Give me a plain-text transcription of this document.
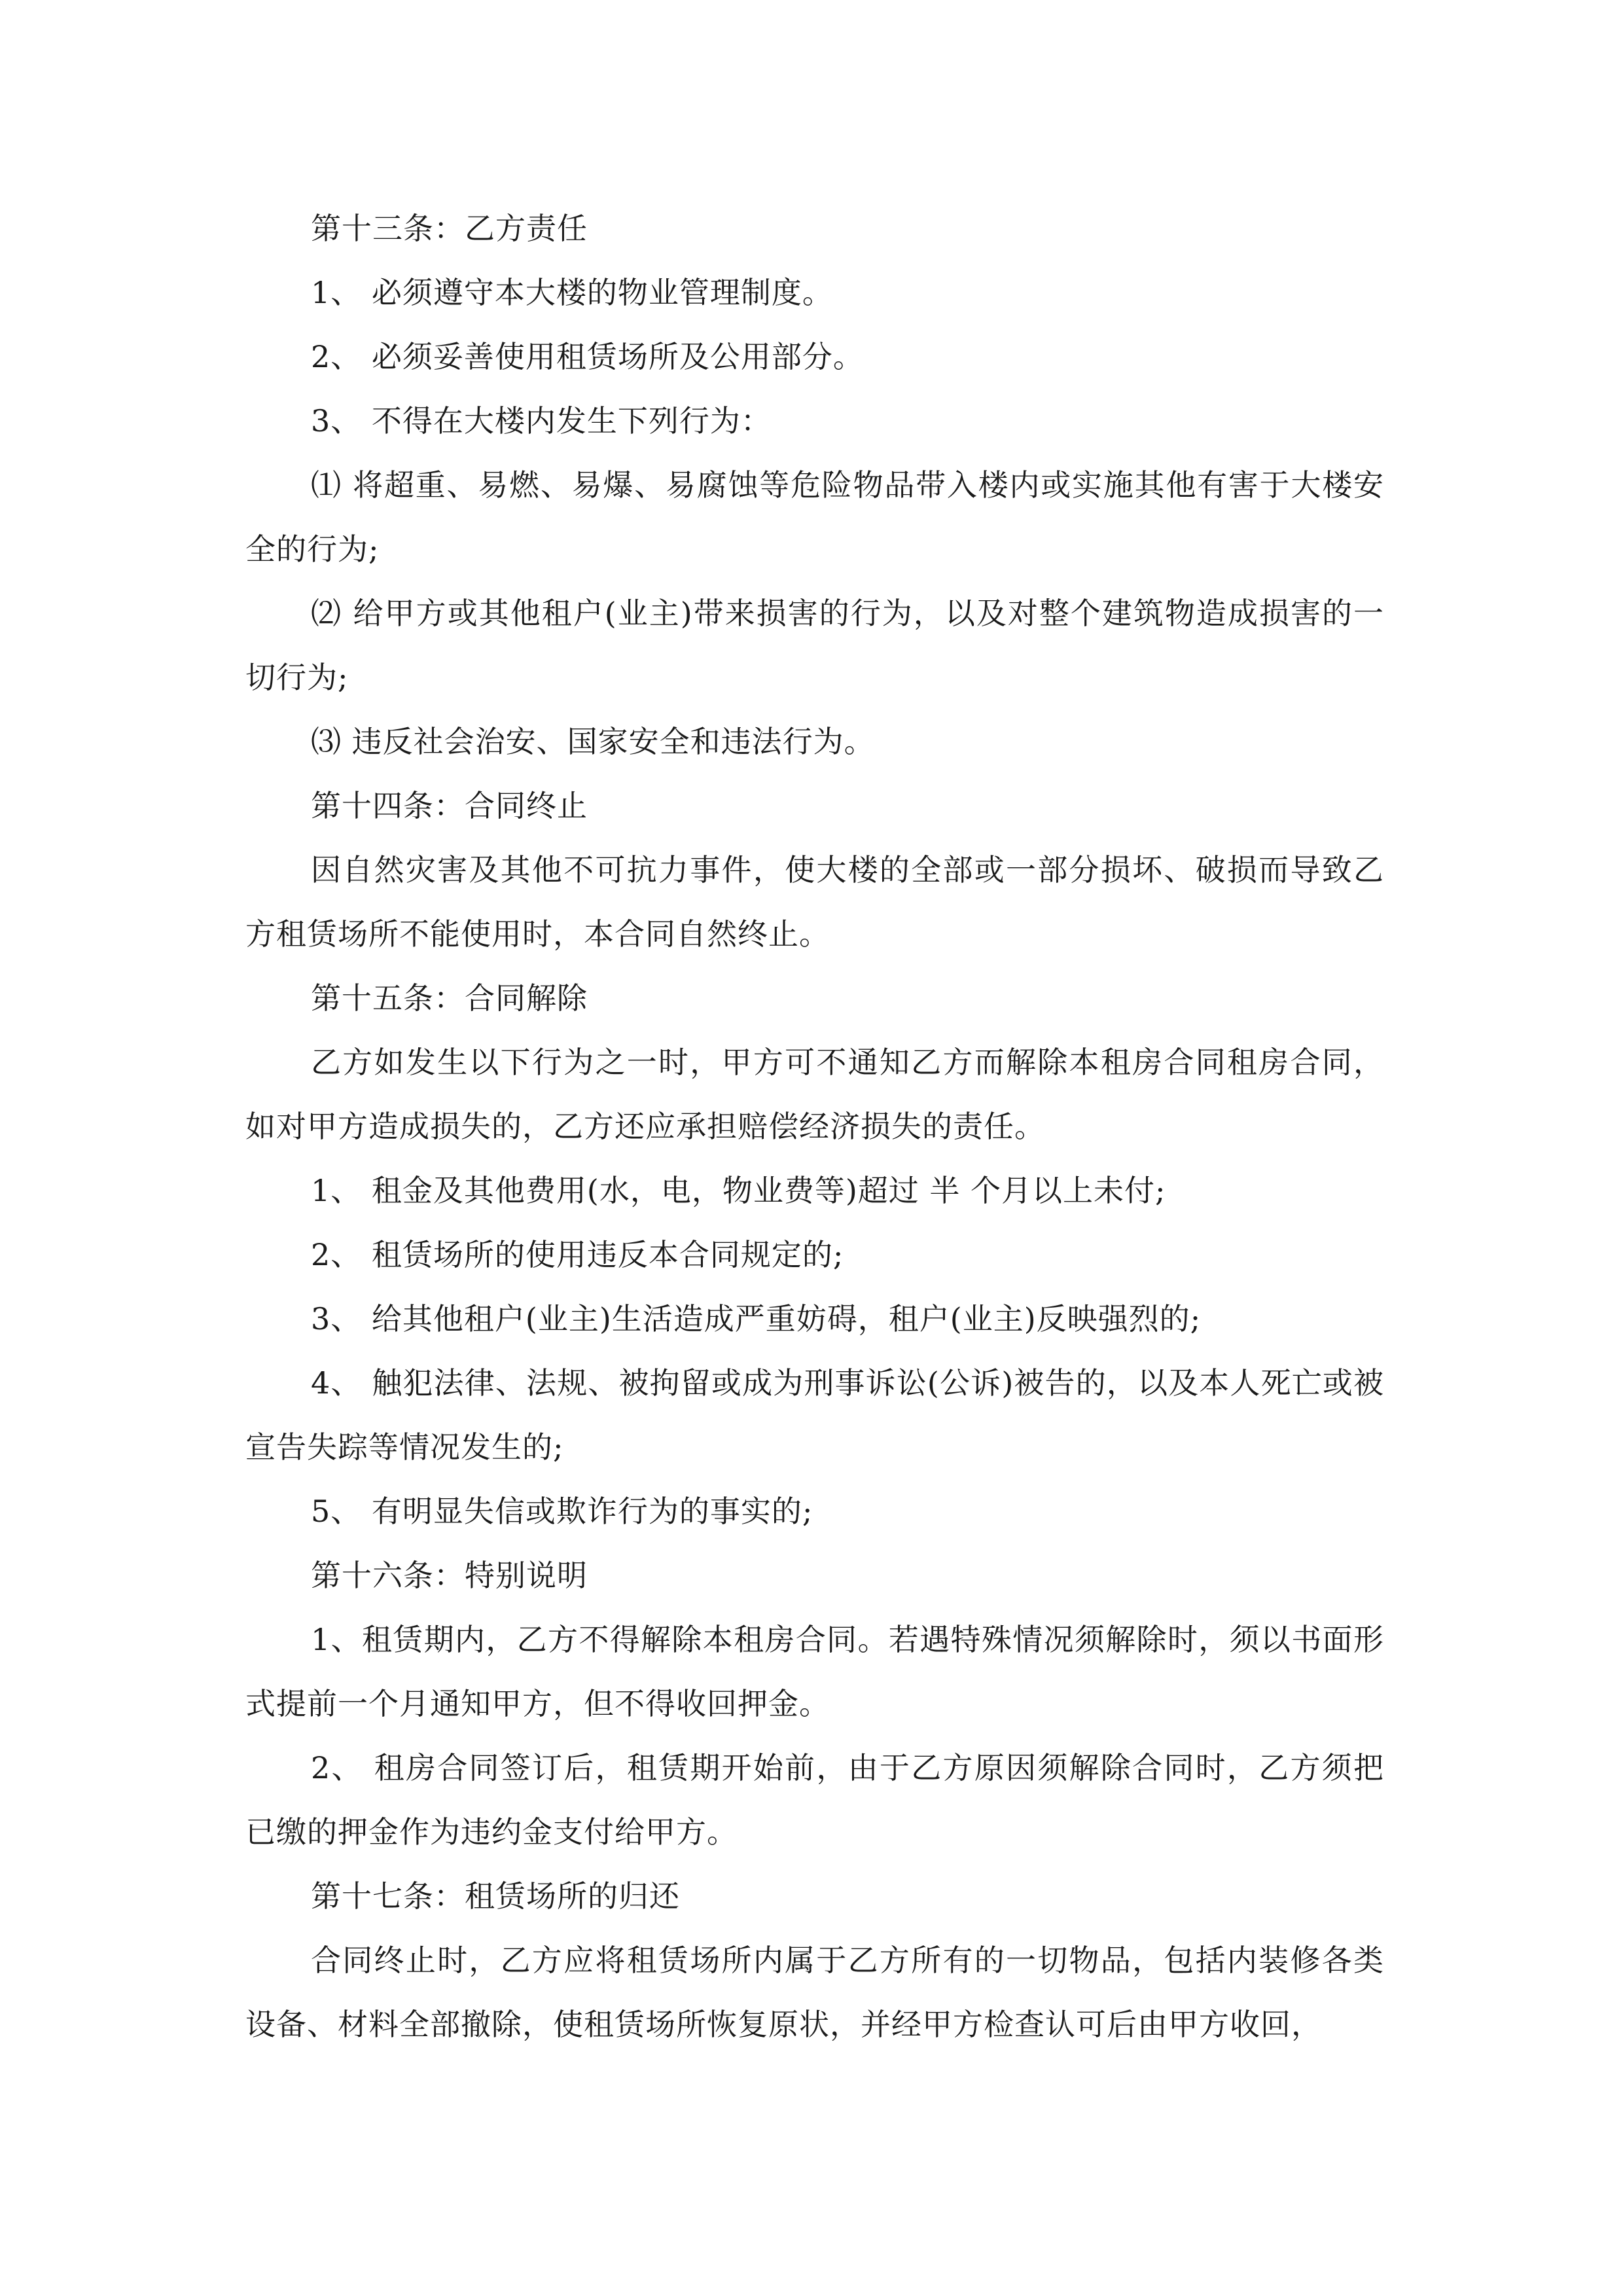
第十三条：乙方责任

1、 必须遵守本大楼的物业管理制度。

2、 必须妥善使用租赁场所及公用部分。

3、 不得在大楼内发生下列行为：

⑴ 将超重、易燃、易爆、易腐蚀等危险物品带入楼内或实施其他有害于大楼安全的行为;

⑵ 给甲方或其他租户(业主)带来损害的行为，以及对整个建筑物造成损害的一切行为;

⑶ 违反社会治安、国家安全和违法行为。

第十四条：合同终止

因自然灾害及其他不可抗力事件，使大楼的全部或一部分损坏、破损而导致乙方租赁场所不能使用时，本合同自然终止。

第十五条：合同解除

乙方如发生以下行为之一时，甲方可不通知乙方而解除本租房合同租房合同，如对甲方造成损失的，乙方还应承担赔偿经济损失的责任。

1、 租金及其他费用(水，电，物业费等)超过 半 个月以上未付;

2、 租赁场所的使用违反本合同规定的;

3、 给其他租户(业主)生活造成严重妨碍，租户(业主)反映强烈的;

4、 触犯法律、法规、被拘留或成为刑事诉讼(公诉)被告的，以及本人死亡或被宣告失踪等情况发生的;

5、 有明显失信或欺诈行为的事实的;

第十六条：特别说明

1、租赁期内，乙方不得解除本租房合同。若遇特殊情况须解除时，须以书面形式提前一个月通知甲方，但不得收回押金。

2、 租房合同签订后，租赁期开始前，由于乙方原因须解除合同时，乙方须把已缴的押金作为违约金支付给甲方。

第十七条：租赁场所的归还

合同终止时，乙方应将租赁场所内属于乙方所有的一切物品，包括内装修各类设备、材料全部撤除，使租赁场所恢复原状，并经甲方检查认可后由甲方收回，
